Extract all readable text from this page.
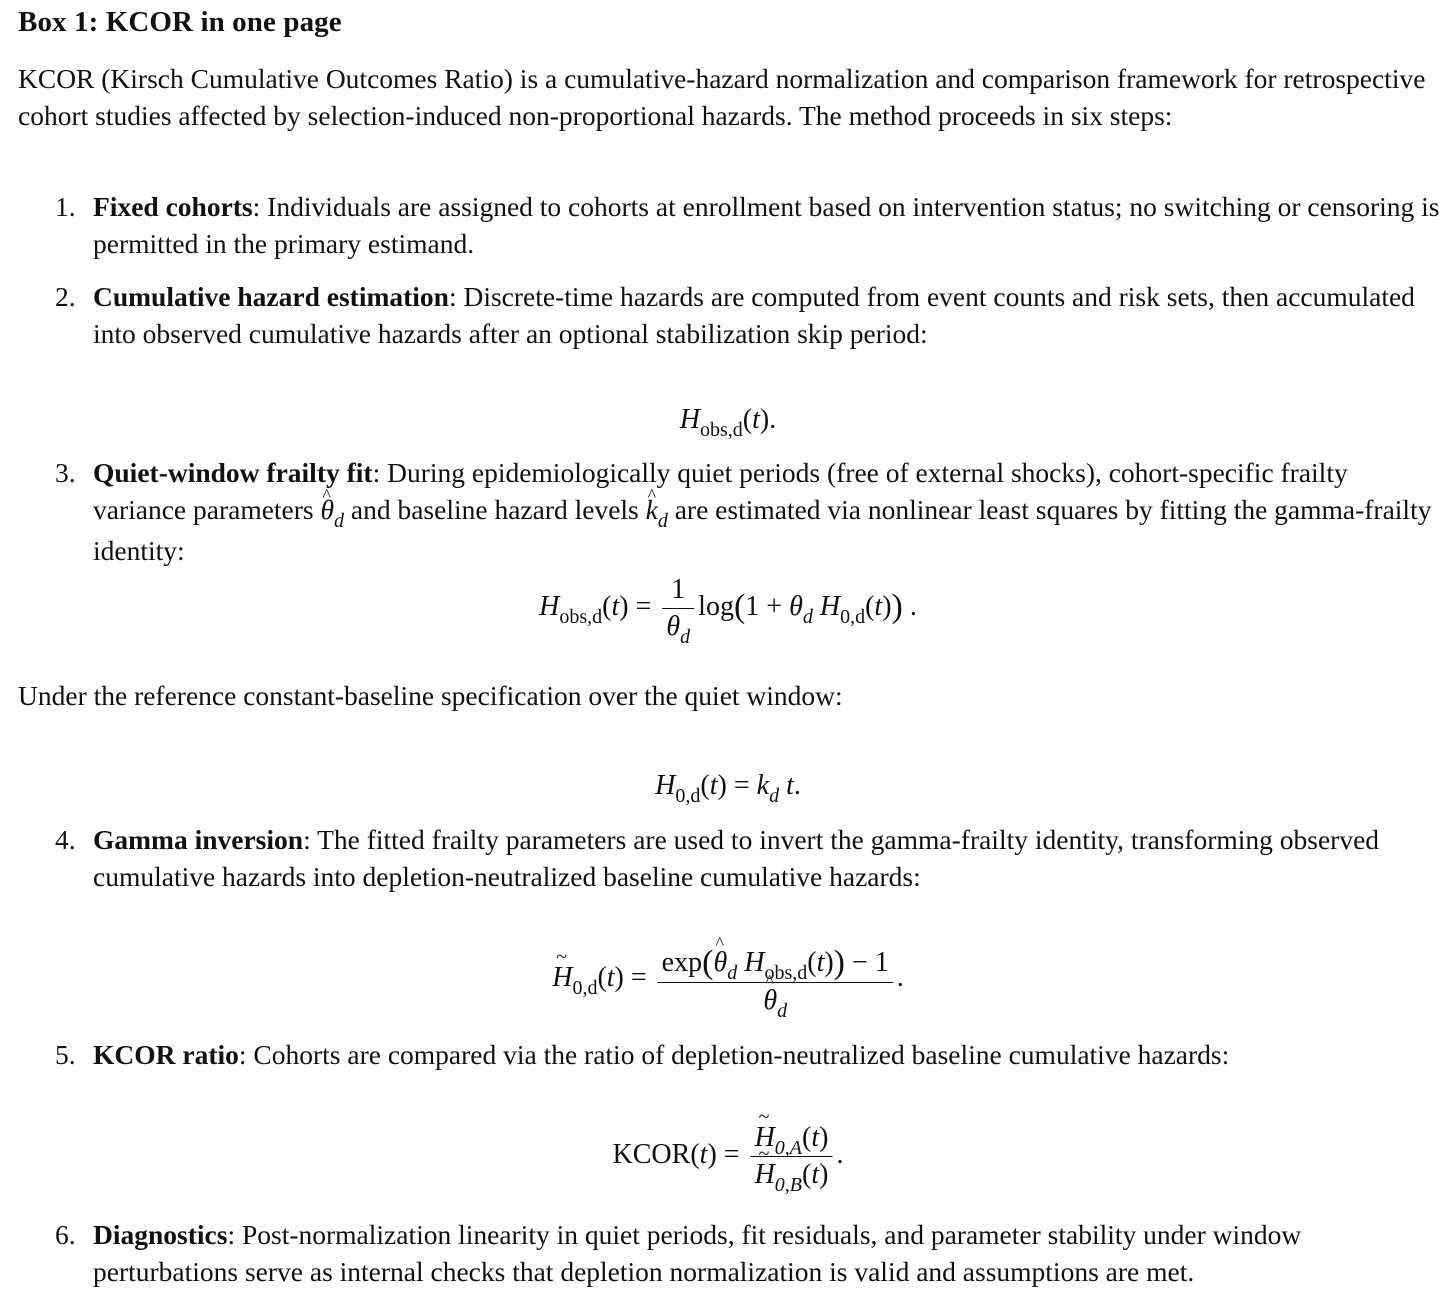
Box 1: KCOR in one page
KCOR (Kirsch Cumulative Outcomes Ratio) is a cumulative-hazard normalization and comparison framework for retrospective cohort studies affected by selection-induced non-proportional hazards. The method proceeds in six steps:
1. Fixed cohorts: Individuals are assigned to cohorts at enrollment based on intervention status; no switching or censoring is permitted in the primary estimand.
2. Cumulative hazard estimation: Discrete-time hazards are computed from event counts and risk sets, then accumulated into observed cumulative hazards after an optional stabilization skip period:
$H_{obs,d}(t)$.
3. Quiet-window frailty fit: During epidemiologically quiet periods (free of external shocks), cohort-specific frailty variance parameters ^ $\theta_d$ and baseline hazard levels ^ $k_d$ are estimated via nonlinear least squares by fitting the gamma-frailty identity:
$H_{obs,d}(t) = \frac{1}{\theta_d} \log(1 + \theta_d$ $H_{0,d}(t)$) .
Under the reference constant-baseline specification over the quiet window:
$H_{0,d}(t) = k_d$ t.
4. Gamma inversion: The fitted frailty parameters are used to invert the gamma-frailty identity, transforming observed cumulative hazards into depletion-neutralized baseline cumulative hazards:
~ $H_{0,d}(t)$ = exp(^ $\theta_d$ $H_{obs,d}(t)) - 1$
^ $\theta_d$ .
5. KCOR ratio: Cohorts are compared via the ratio of depletion-neutralized baseline cumulative hazards:
KCOR(t) =
~ $H_{0,A}(t)$
~ $H_{0,B}(t)$ .
6. Diagnostics: Post-normalization linearity in quiet periods, fit residuals, and parameter stability under window perturbations serve as internal checks that depletion normalization is valid and assumptions are met.
